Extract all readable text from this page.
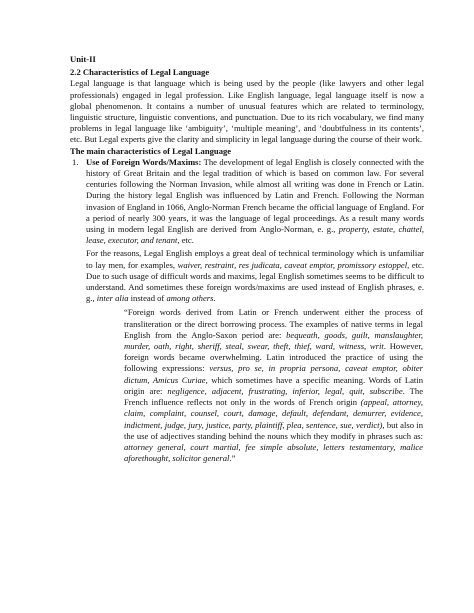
Unit-II

2.2 Characteristics of Legal Language

Legal language is that language which is being used by the people (like lawyers and other legal professionals) engaged in legal profession. Like English language, legal language itself is now a global phenomenon. It contains a number of unusual features which are related to terminology, linguistic structure, linguistic conventions, and punctuation. Due to its rich vocabulary, we find many problems in legal language like ‘ambiguity’, ‘multiple meaning’, and ‘doubtfulness in its contents’, etc. But Legal experts give the clarity and simplicity in legal language during the course of their work.

The main characteristics of Legal Language

1. Use of Foreign Words/Maxims: The development of legal English is closely connected with the history of Great Britain and the legal tradition of which is based on common law. For several centuries following the Norman Invasion, while almost all writing was done in French or Latin. During the history legal English was influenced by Latin and French. Following the Norman invasion of England in 1066, Anglo-Norman French became the official language of England. For a period of nearly 300 years, it was the language of legal proceedings. As a result many words using in modern legal English are derived from Anglo-Norman, e. g., property, estate, chattel, lease, executor, and tenant, etc.

For the reasons, Legal English employs a great deal of technical terminology which is unfamiliar to lay men, for examples, waiver, restraint, res judicata, caveat emptor, promissory estoppel, etc. Due to such usage of difficult words and maxims, legal English sometimes seems to be difficult to understand. And sometimes these foreign words/maxims are used instead of English phrases, e. g., inter alia instead of among others.

“Foreign words derived from Latin or French underwent either the process of transliteration or the direct borrowing process. The examples of native terms in legal English from the Anglo-Saxon period are: bequeath, goods, guilt, manslaughter, murder, oath, right, sheriff, steal, swear, theft, thief, ward, witness, writ. However, foreign words became overwhelming. Latin introduced the practice of using the following expressions: versus, pro se, in propria persona, caveat emptor, obiter dictum, Amicus Curiae, which sometimes have a specific meaning. Words of Latin origin are: negligence, adjacent, frustrating, inferior, legal, quit, subscribe. The French influence reflects not only in the words of French origin (appeal, attorney, claim, complaint, counsel, court, damage, default, defendant, demurrer, evidence, indictment, judge, jury, justice, party, plaintiff, plea, sentence, sue, verdict), but also in the use of adjectives standing behind the nouns which they modify in phrases such as: attorney general, court martial, fee simple absolute, letters testamentary, malice aforethought, solicitor general.”
